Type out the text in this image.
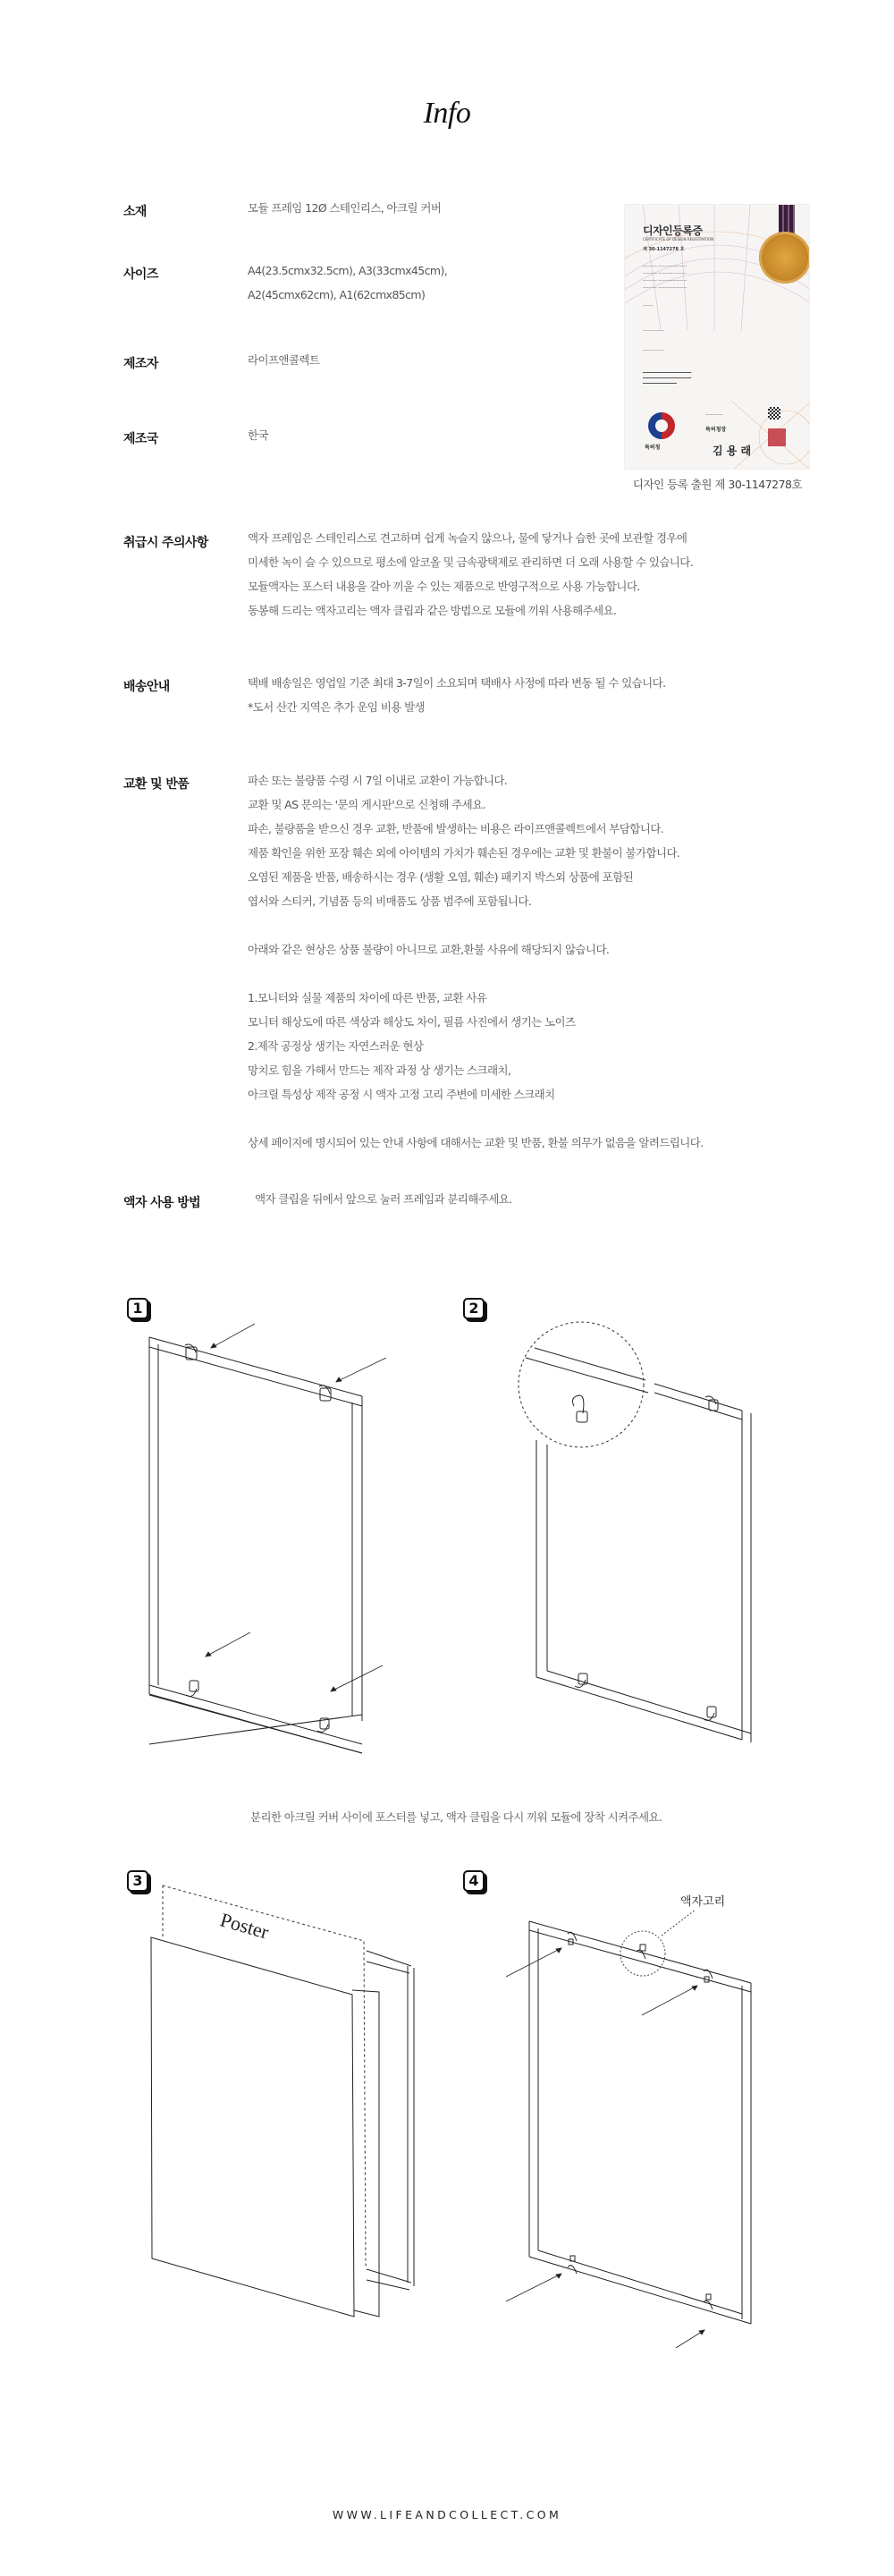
Info
소재	모듈 프레임 12Ø 스테인리스, 아크릴 커버
사이즈	A4(23.5cmx32.5cm), A3(33cmx45cm),
A2(45cmx62cm), A1(62cmx85cm)
제조자	라이프앤콜렉트
제조국	한국
디자인등록증
CERTIFICATE OF DESIGN REGISTRATION
제 30-1147278 호
———— ————————
———— ————————
———— ————————
———— ————————
———
——————
——————
━━━━━━━━━━━━━━━━━━━━
━━━━━━━━━━━━━━━━━━━━
━━━━━━━━━━━━━━
특허청
—————
특허청장
김 용 래
디자인 등록 출원 제 30-1147278호
취급시 주의사항	액자 프레임은 스테인리스로 견고하며 쉽게 녹슬지 않으나, 물에 닿거나 습한 곳에 보관할 경우에
미세한 녹이 슬 수 있으므로 평소에 알코올 및 금속광택제로 관리하면 더 오래 사용할 수 있습니다.
모듈액자는 포스터 내용을 갈아 끼울 수 있는 제품으로 반영구적으로 사용 가능합니다.
동봉해 드리는 액자고리는 액자 클립과 같은 방법으로 모듈에 끼워 사용해주세요.
배송안내	택배 배송일은 영업일 기준 최대 3-7일이 소요되며 택배사 사정에 따라 변동 될 수 있습니다.
*도서 산간 지역은 추가 운임 비용 발생
교환 및 반품	파손 또는 불량품 수령 시 7일 이내로 교환이 가능합니다.
교환 및 AS 문의는 '문의 게시판'으로 신청해 주세요.
파손, 불량품을 받으신 경우 교환, 반품에 발생하는 비용은 라이프앤콜렉트에서 부담합니다.
제품 확인을 위한 포장 훼손 외에 아이템의 가치가 훼손된 경우에는 교환 및 환불이 불가합니다.
오염된 제품을 반품, 배송하시는 경우 (생활 오염, 훼손) 패키지 박스외 상품에 포함된
엽서와 스티커, 기념품 등의 비매품도 상품 범주에 포함됩니다.
아래와 같은 현상은 상품 불량이 아니므로 교환,환불 사유에 해당되지 않습니다.
1.모니터와 실물 제품의 차이에 따른 반품, 교환 사유
모니터 해상도에 따른 색상과 해상도 차이, 필름 사진에서 생기는 노이즈
2.제작 공정상 생기는 자연스러운 현상
망치로 힘을 가해서 만드는 제작 과정 상 생기는 스크래치,
아크릴 특성상 제작 공정 시 액자 고정 고리 주변에 미세한 스크래치
상세 페이지에 명시되어 있는 안내 사항에 대해서는 교환 및 반품, 환불 의무가 없음을 알려드립니다.
액자 사용 방법	액자 클립을 뒤에서 앞으로 눌러 프레임과 분리해주세요.
1	2
분리한 아크릴 커버 사이에 포스터를 넣고, 액자 클립을 다시 끼워 모듈에 장착 시켜주세요.
3
Poster
4
액자고리
WWW.LIFEANDCOLLECT.COM
